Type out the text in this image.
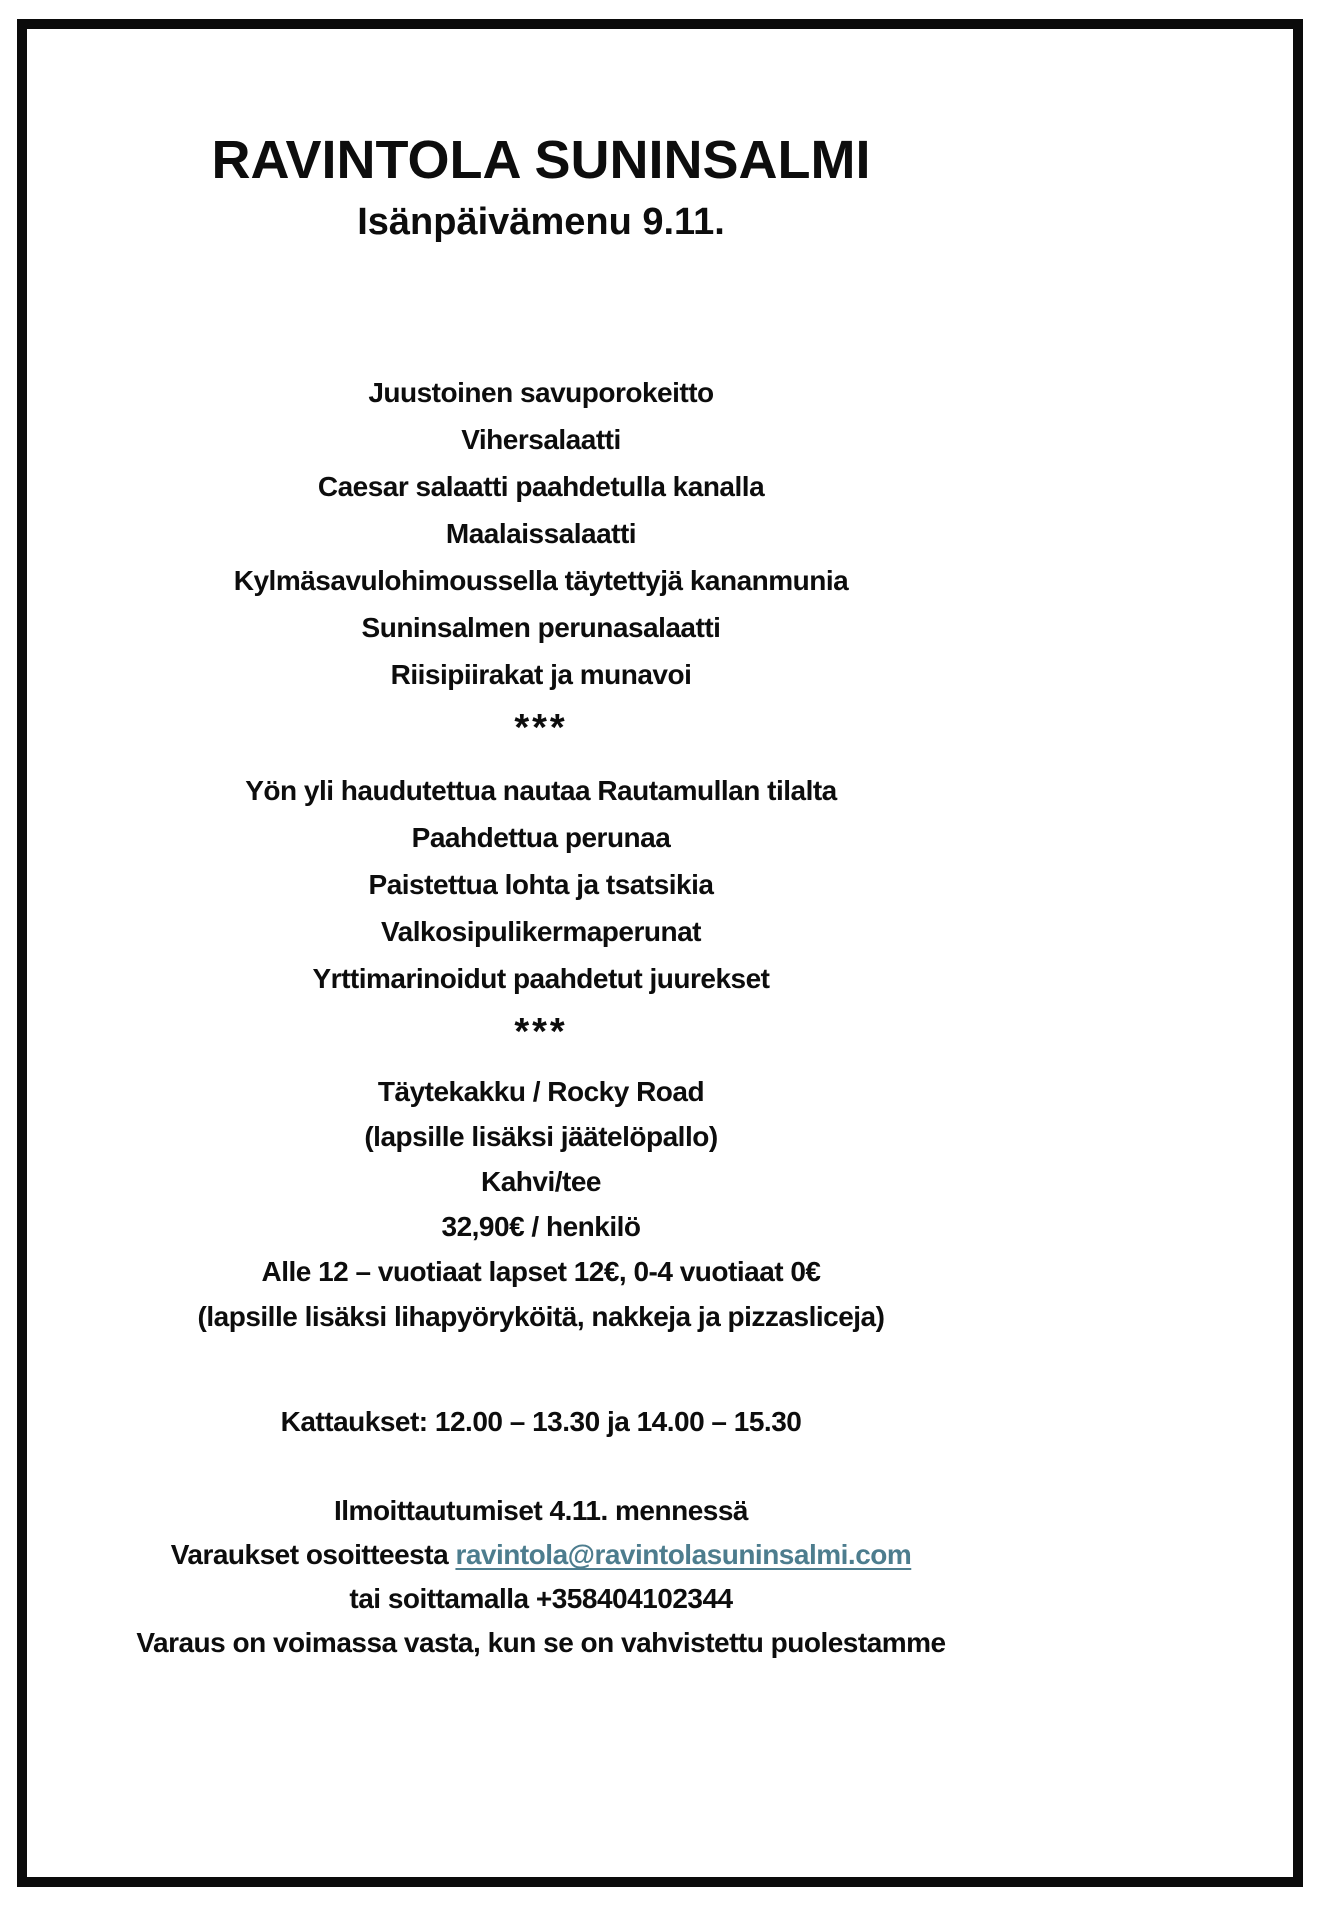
RAVINTOLA SUNINSALMI
Isänpäivämenu 9.11.
Juustoinen savuporokeitto
Vihersalaatti
Caesar salaatti paahdetulla kanalla
Maalaissalaatti
Kylmäsavulohimoussella täytettyjä kananmunia
Suninsalmen perunasalaatti
Riisipiirakat ja munavoi
***
Yön yli haudutettua nautaa Rautamullan tilalta
Paahdettua perunaa
Paistettua lohta ja tsatsikia
Valkosipulikermaperunat
Yrttimarinoidut paahdetut juurekset
***
Täytekakku / Rocky Road
(lapsille lisäksi jäätelöpallo)
Kahvi/tee
32,90€ / henkilö
Alle 12 – vuotiaat lapset 12€, 0-4 vuotiaat 0€
(lapsille lisäksi lihapyöryköitä, nakkeja ja pizzasliceja)
Kattaukset: 12.00 – 13.30 ja 14.00 – 15.30
Ilmoittautumiset 4.11. mennessä
Varaukset osoitteesta ravintola@ravintolasuninsalmi.com
tai soittamalla +358404102344
Varaus on voimassa vasta, kun se on vahvistettu puolestamme
